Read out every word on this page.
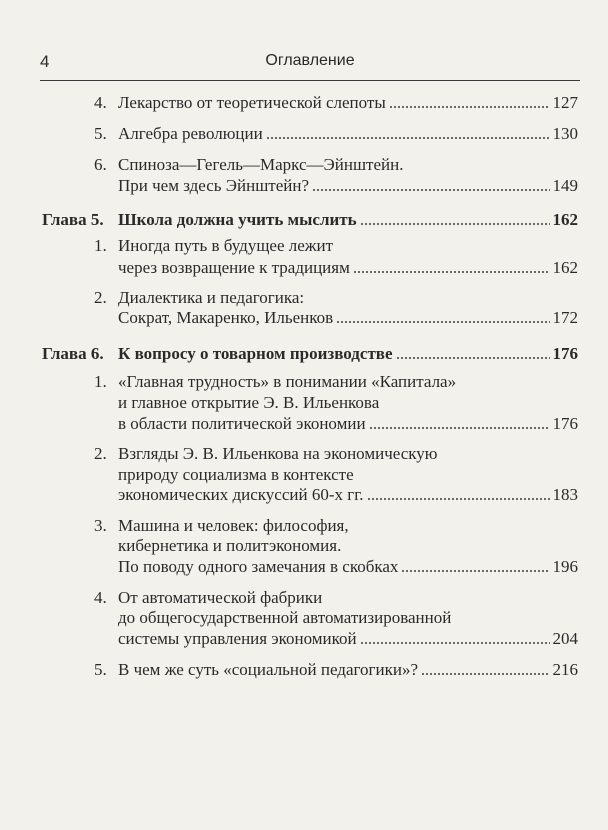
4	Оглавление
4. Лекарство от теоретической слепоты	127
5. Алгебра революции	130
6. Спиноза—Гегель—Маркс—Эйнштейн.
При чем здесь Эйнштейн?	149
Глава 5. Школа должна учить мыслить	162
1. Иногда путь в будущее лежит
через возвращение к традициям	162
2. Диалектика и педагогика:
Сократ, Макаренко, Ильенков	172
Глава 6. К вопросу о товарном производстве	176
1. «Главная трудность» в понимании «Капитала»
и главное открытие Э. В. Ильенкова
в области политической экономии	176
2. Взгляды Э. В. Ильенкова на экономическую
природу социализма в контексте
экономических дискуссий 60-х гг.	183
3. Машина и человек: философия,
кибернетика и политэкономия.
По поводу одного замечания в скобках	196
4. От автоматической фабрики
до общегосударственной автоматизированной
системы управления экономикой	204
5. В чем же суть «социальной педагогики»?	216
